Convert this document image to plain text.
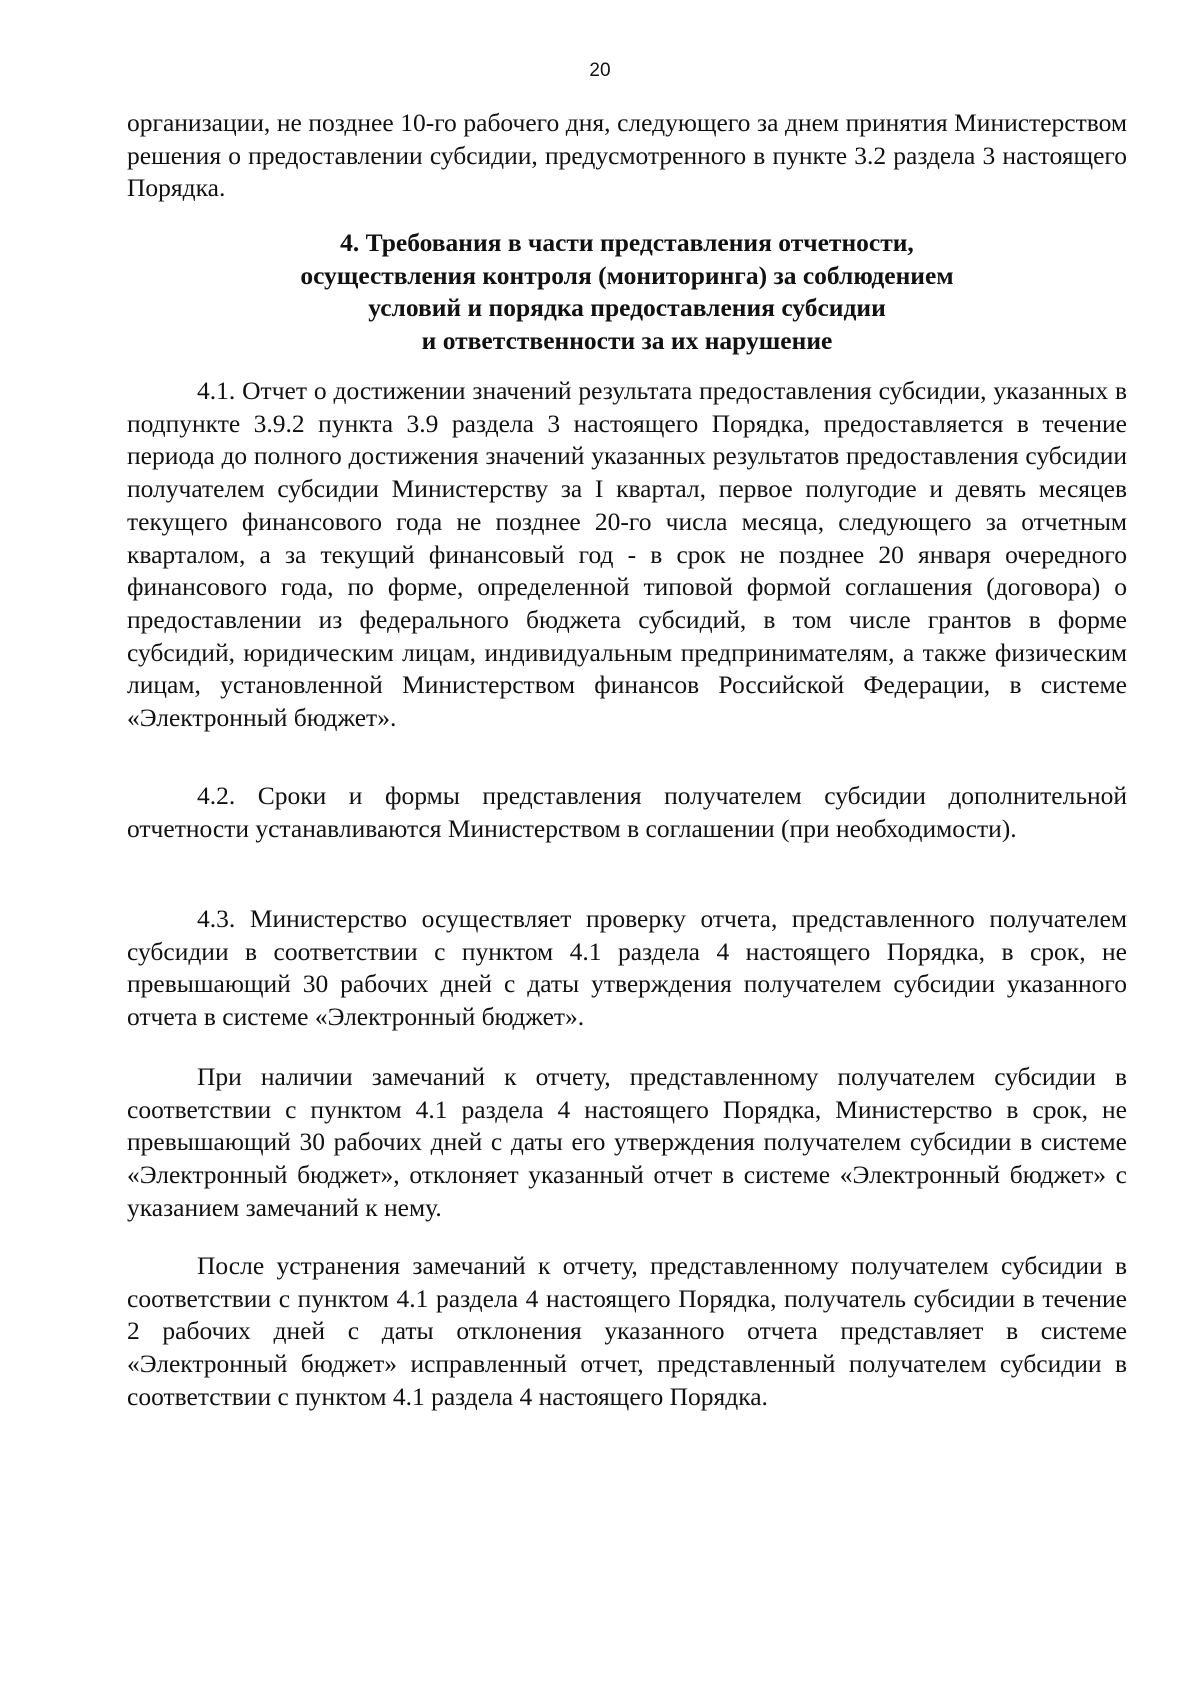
20

организации, не позднее 10-го рабочего дня, следующего за днем принятия Министерством решения о предоставлении субсидии, предусмотренного в пункте 3.2 раздела 3 настоящего Порядка.

4. Требования в части представления отчетности,
осуществления контроля (мониторинга) за соблюдением
условий и порядка предоставления субсидии
и ответственности за их нарушение

4.1. Отчет о достижении значений результата предоставления субсидии, указанных в подпункте 3.9.2 пункта 3.9 раздела 3 настоящего Порядка, предоставляется в течение периода до полного достижения значений указанных результатов предоставления субсидии получателем субсидии Министерству за I квартал, первое полугодие и девять месяцев текущего финансового года не позднее 20-го числа месяца, следующего за отчетным кварталом, а за текущий финансовый год - в срок не позднее 20 января очередного финансового года, по форме, определенной типовой формой соглашения (договора) о предоставлении из федерального бюджета субсидий, в том числе грантов в форме субсидий, юридическим лицам, индивидуальным предпринимателям, а также физическим лицам, установленной Министерством финансов Российской Федерации, в системе «Электронный бюджет».

4.2. Сроки и формы представления получателем субсидии дополнительной отчетности устанавливаются Министерством в соглашении (при необходимости).

4.3. Министерство осуществляет проверку отчета, представленного получателем субсидии в соответствии с пунктом 4.1 раздела 4 настоящего Порядка, в срок, не превышающий 30 рабочих дней с даты утверждения получателем субсидии указанного отчета в системе «Электронный бюджет».

При наличии замечаний к отчету, представленному получателем субсидии в соответствии с пунктом 4.1 раздела 4 настоящего Порядка, Министерство в срок, не превышающий 30 рабочих дней с даты его утверждения получателем субсидии в системе «Электронный бюджет», отклоняет указанный отчет в системе «Электронный бюджет» с указанием замечаний к нему.

После устранения замечаний к отчету, представленному получателем субсидии в соответствии с пунктом 4.1 раздела 4 настоящего Порядка, получатель субсидии в течение 2 рабочих дней с даты отклонения указанного отчета представляет в системе «Электронный бюджет» исправленный отчет, представленный получателем субсидии в соответствии с пунктом 4.1 раздела 4 настоящего Порядка.
